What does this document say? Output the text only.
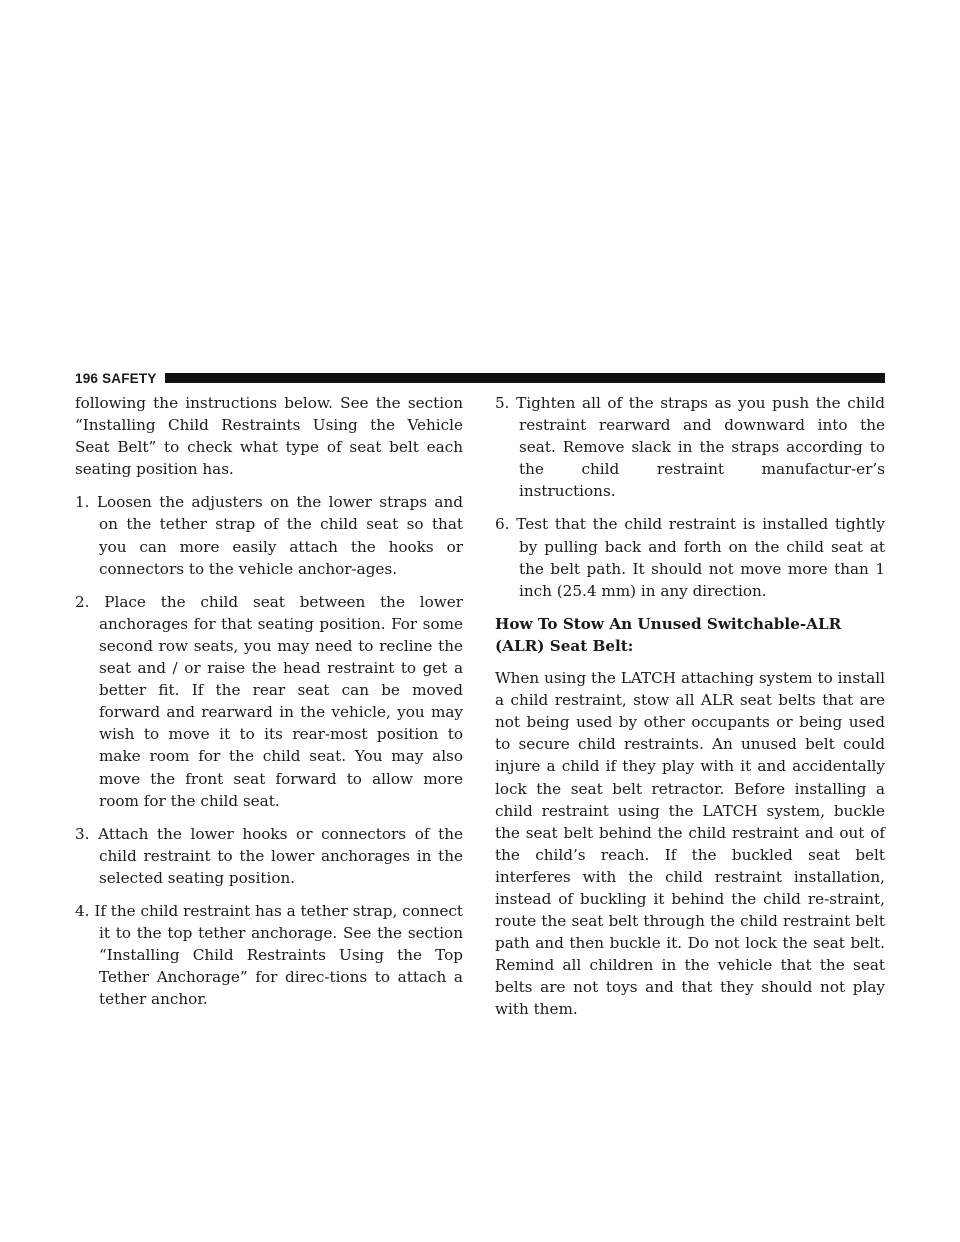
196 SAFETY

following the instructions below. See the section “Installing Child Restraints Using the Vehicle Seat Belt” to check what type of seat belt each seating position has.

1. Loosen the adjusters on the lower straps and on the tether strap of the child seat so that you can more easily attach the hooks or connectors to the vehicle anchor-ages.

2. Place the child seat between the lower anchorages for that seating position. For some second row seats, you may need to recline the seat and / or raise the head restraint to get a better fit. If the rear seat can be moved forward and rearward in the vehicle, you may wish to move it to its rear-most position to make room for the child seat. You may also move the front seat forward to allow more room for the child seat.

3. Attach the lower hooks or connectors of the child restraint to the lower anchorages in the selected seating position.

4. If the child restraint has a tether strap, connect it to the top tether anchorage. See the section “Installing Child Restraints Using the Top Tether Anchorage” for direc-tions to attach a tether anchor.

5. Tighten all of the straps as you push the child restraint rearward and downward into the seat. Remove slack in the straps according to the child restraint manufactur-er’s instructions.

6. Test that the child restraint is installed tightly by pulling back and forth on the child seat at the belt path. It should not move more than 1 inch (25.4 mm) in any direction.

How To Stow An Unused Switchable-ALR (ALR) Seat Belt:

When using the LATCH attaching system to install a child restraint, stow all ALR seat belts that are not being used by other occupants or being used to secure child restraints. An unused belt could injure a child if they play with it and accidentally lock the seat belt retractor. Before installing a child restraint using the LATCH system, buckle the seat belt behind the child restraint and out of the child’s reach. If the buckled seat belt interferes with the child restraint installation, instead of buckling it behind the child re-straint, route the seat belt through the child restraint belt path and then buckle it. Do not lock the seat belt. Remind all children in the vehicle that the seat belts are not toys and that they should not play with them.
